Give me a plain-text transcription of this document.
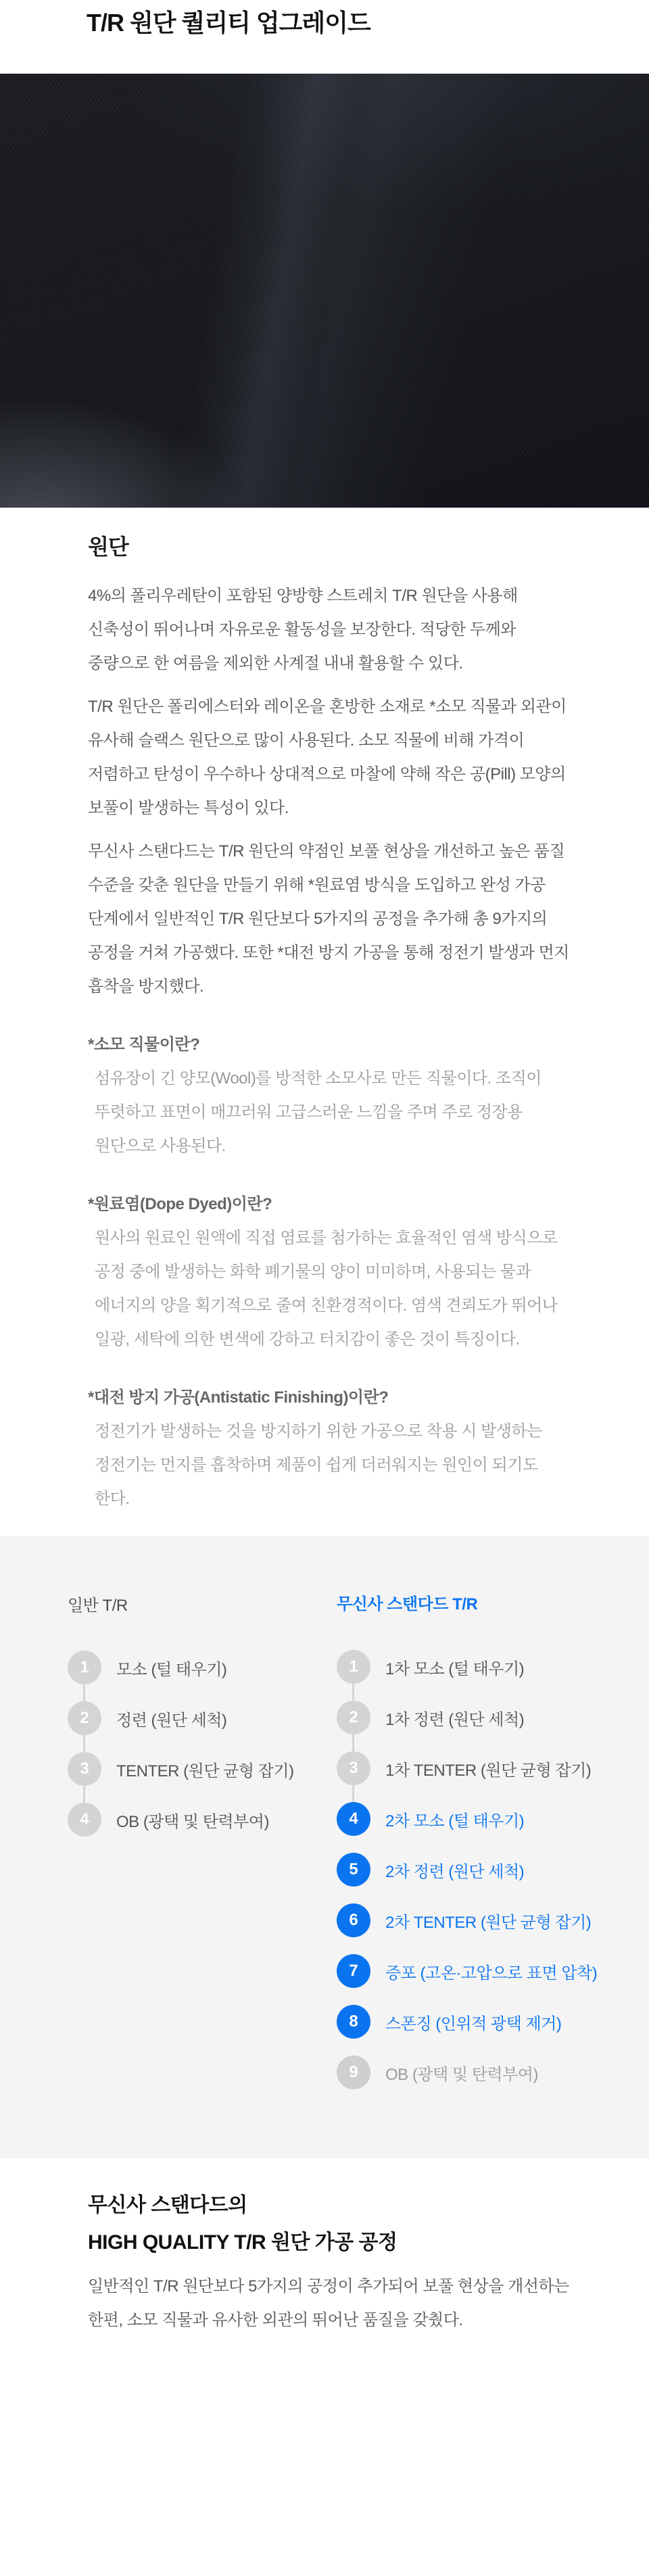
T/R 원단 퀄리티 업그레이드
원단

4%의 폴리우레탄이 포함된 양방향 스트레치 T/R 원단을 사용해 신축성이 뛰어나며 자유로운 활동성을 보장한다. 적당한 두께와 중량으로 한 여름을 제외한 사계절 내내 활용할 수 있다.

T/R 원단은 폴리에스터와 레이온을 혼방한 소재로 *소모 직물과 외관이 유사해 슬랙스 원단으로 많이 사용된다. 소모 직물에 비해 가격이 저렴하고 탄성이 우수하나 상대적으로 마찰에 약해 작은 공(Pill) 모양의 보풀이 발생하는 특성이 있다.

무신사 스탠다드는 T/R 원단의 약점인 보풀 현상을 개선하고 높은 품질 수준을 갖춘 원단을 만들기 위해 *원료염 방식을 도입하고 완성 가공 단계에서 일반적인 T/R 원단보다 5가지의 공정을 추가해 총 9가지의 공정을 거쳐 가공했다. 또한 *대전 방지 가공을 통해 정전기 발생과 먼지 흡착을 방지했다.

*소모 직물이란?
섬유장이 긴 양모(Wool)를 방적한 소모사로 만든 직물이다. 조직이 뚜렷하고 표면이 매끄러워 고급스러운 느낌을 주며 주로 정장용 원단으로 사용된다.
*원료염(Dope Dyed)이란?
원사의 원료인 원액에 직접 염료를 첨가하는 효율적인 염색 방식으로 공정 중에 발생하는 화학 폐기물의 양이 미미하며, 사용되는 물과 에너지의 양을 획기적으로 줄여 친환경적이다. 염색 견뢰도가 뛰어나 일광, 세탁에 의한 변색에 강하고 터치감이 좋은 것이 특징이다.
*대전 방지 가공(Antistatic Finishing)이란?
정전기가 발생하는 것을 방지하기 위한 가공으로 착용 시 발생하는 정전기는 먼지를 흡착하며 제품이 쉽게 더러워지는 원인이 되기도 한다.
일반 T/R	무신사 스탠다드 T/R
1 모소 (털 태우기)
2 정련 (원단 세척)
3 TENTER (원단 균형 잡기)
4 OB (광택 및 탄력부여)
1 1차 모소 (털 태우기)
2 1차 정련 (원단 세척)
3 1차 TENTER (원단 균형 잡기)
4 2차 모소 (털 태우기)
5 2차 정련 (원단 세척)
6 2차 TENTER (원단 균형 잡기)
7 증포 (고온·고압으로 표면 압착)
8 스폰징 (인위적 광택 제거)
9 OB (광택 및 탄력부여)
무신사 스탠다드의
HIGH QUALITY T/R 원단 가공 공정

일반적인 T/R 원단보다 5가지의 공정이 추가되어 보풀 현상을 개선하는 한편, 소모 직물과 유사한 외관의 뛰어난 품질을 갖췄다.
